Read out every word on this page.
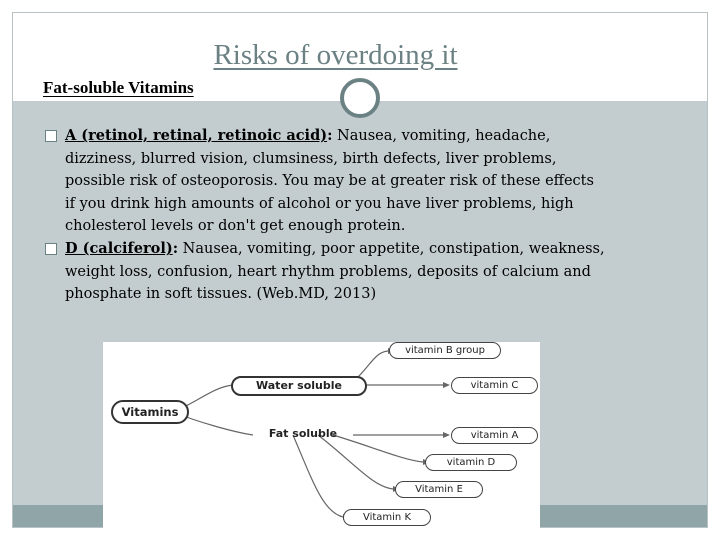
Risks of overdoing it
Fat-soluble Vitamins
A (retinol, retinal, retinoic acid): Nausea, vomiting, headache, dizziness, blurred vision, clumsiness, birth defects, liver problems, possible risk of osteoporosis. You may be at greater risk of these effects if you drink high amounts of alcohol or you have liver problems, high cholesterol levels or don't get enough protein.
D (calciferol): Nausea, vomiting, poor appetite, constipation, weakness, weight loss, confusion, heart rhythm problems, deposits of calcium and phosphate in soft tissues. (Web.MD, 2013)
Vitamins
Water soluble
Fat soluble
vitamin B group
vitamin C
vitamin A
vitamin D
Vitamin E
Vitamin K
